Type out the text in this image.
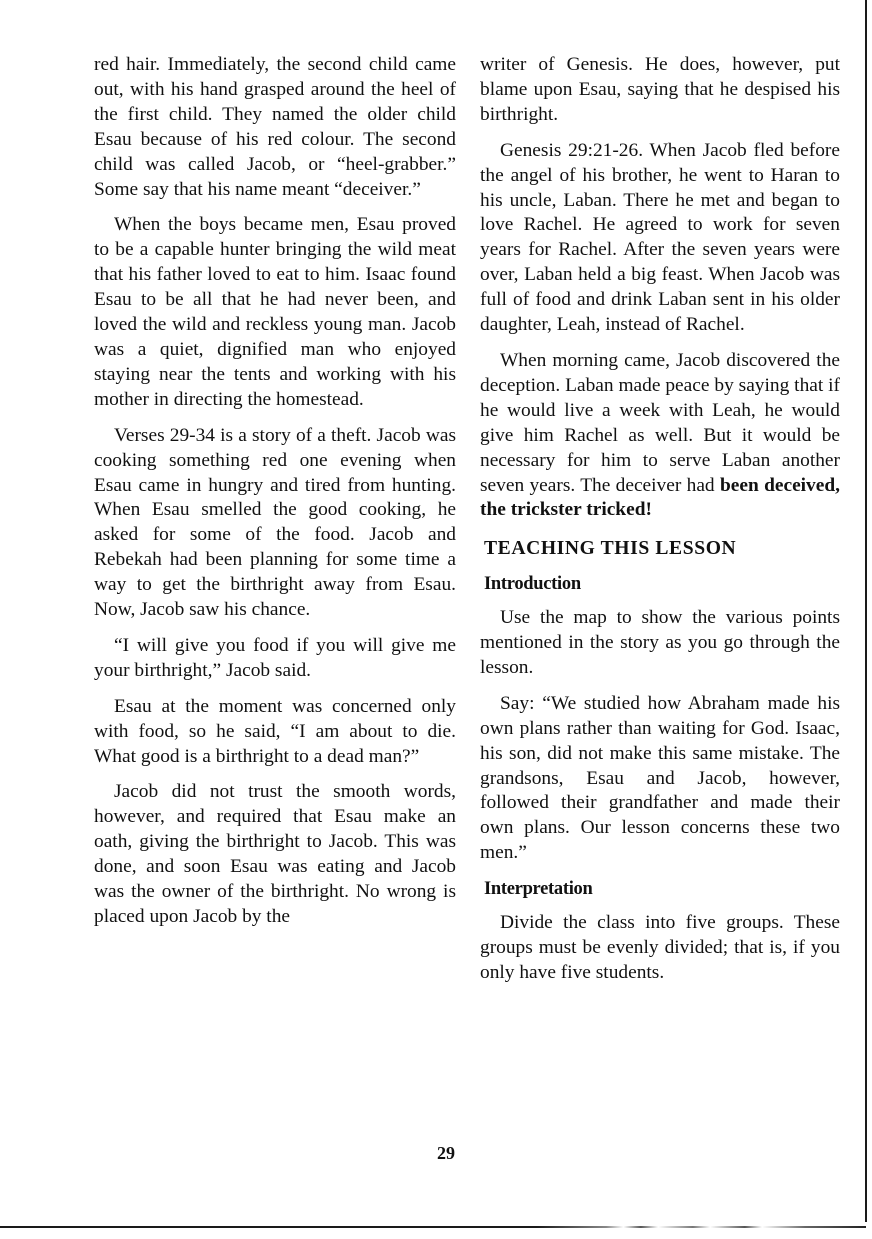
red hair. Immediately, the second child came out, with his hand grasped around the heel of the first child. They named the older child Esau because of his red colour. The second child was called Jacob, or “heel-grabber.” Some say that his name meant “deceiver.”

When the boys became men, Esau proved to be a capable hunter bringing the wild meat that his father loved to eat to him. Isaac found Esau to be all that he had never been, and loved the wild and reckless young man. Jacob was a quiet, dignified man who enjoyed staying near the tents and working with his mother in directing the homestead.

Verses 29-34 is a story of a theft. Jacob was cooking something red one evening when Esau came in hungry and tired from hunting. When Esau smelled the good cooking, he asked for some of the food. Jacob and Rebekah had been planning for some time a way to get the birthright away from Esau. Now, Jacob saw his chance.

“I will give you food if you will give me your birthright,” Jacob said.

Esau at the moment was concerned only with food, so he said, “I am about to die. What good is a birthright to a dead man?”

Jacob did not trust the smooth words, however, and required that Esau make an oath, giving the birthright to Jacob. This was done, and soon Esau was eating and Jacob was the owner of the birthright. No wrong is placed upon Jacob by the

writer of Genesis. He does, however, put blame upon Esau, saying that he despised his birthright.

Genesis 29:21-26. When Jacob fled before the angel of his brother, he went to Haran to his uncle, Laban. There he met and began to love Rachel. He agreed to work for seven years for Rachel. After the seven years were over, Laban held a big feast. When Jacob was full of food and drink Laban sent in his older daughter, Leah, instead of Rachel.

When morning came, Jacob discovered the deception. Laban made peace by saying that if he would live a week with Leah, he would give him Rachel as well. But it would be necessary for him to serve Laban another seven years. The deceiver had been deceived, the trickster tricked!

TEACHING THIS LESSON
Introduction

Use the map to show the various points mentioned in the story as you go through the lesson.

Say: “We studied how Abraham made his own plans rather than waiting for God. Isaac, his son, did not make this same mistake. The grandsons, Esau and Jacob, however, followed their grandfather and made their own plans. Our lesson concerns these two men.”

Interpretation

Divide the class into five groups. These groups must be evenly divided; that is, if you only have five students.

29
